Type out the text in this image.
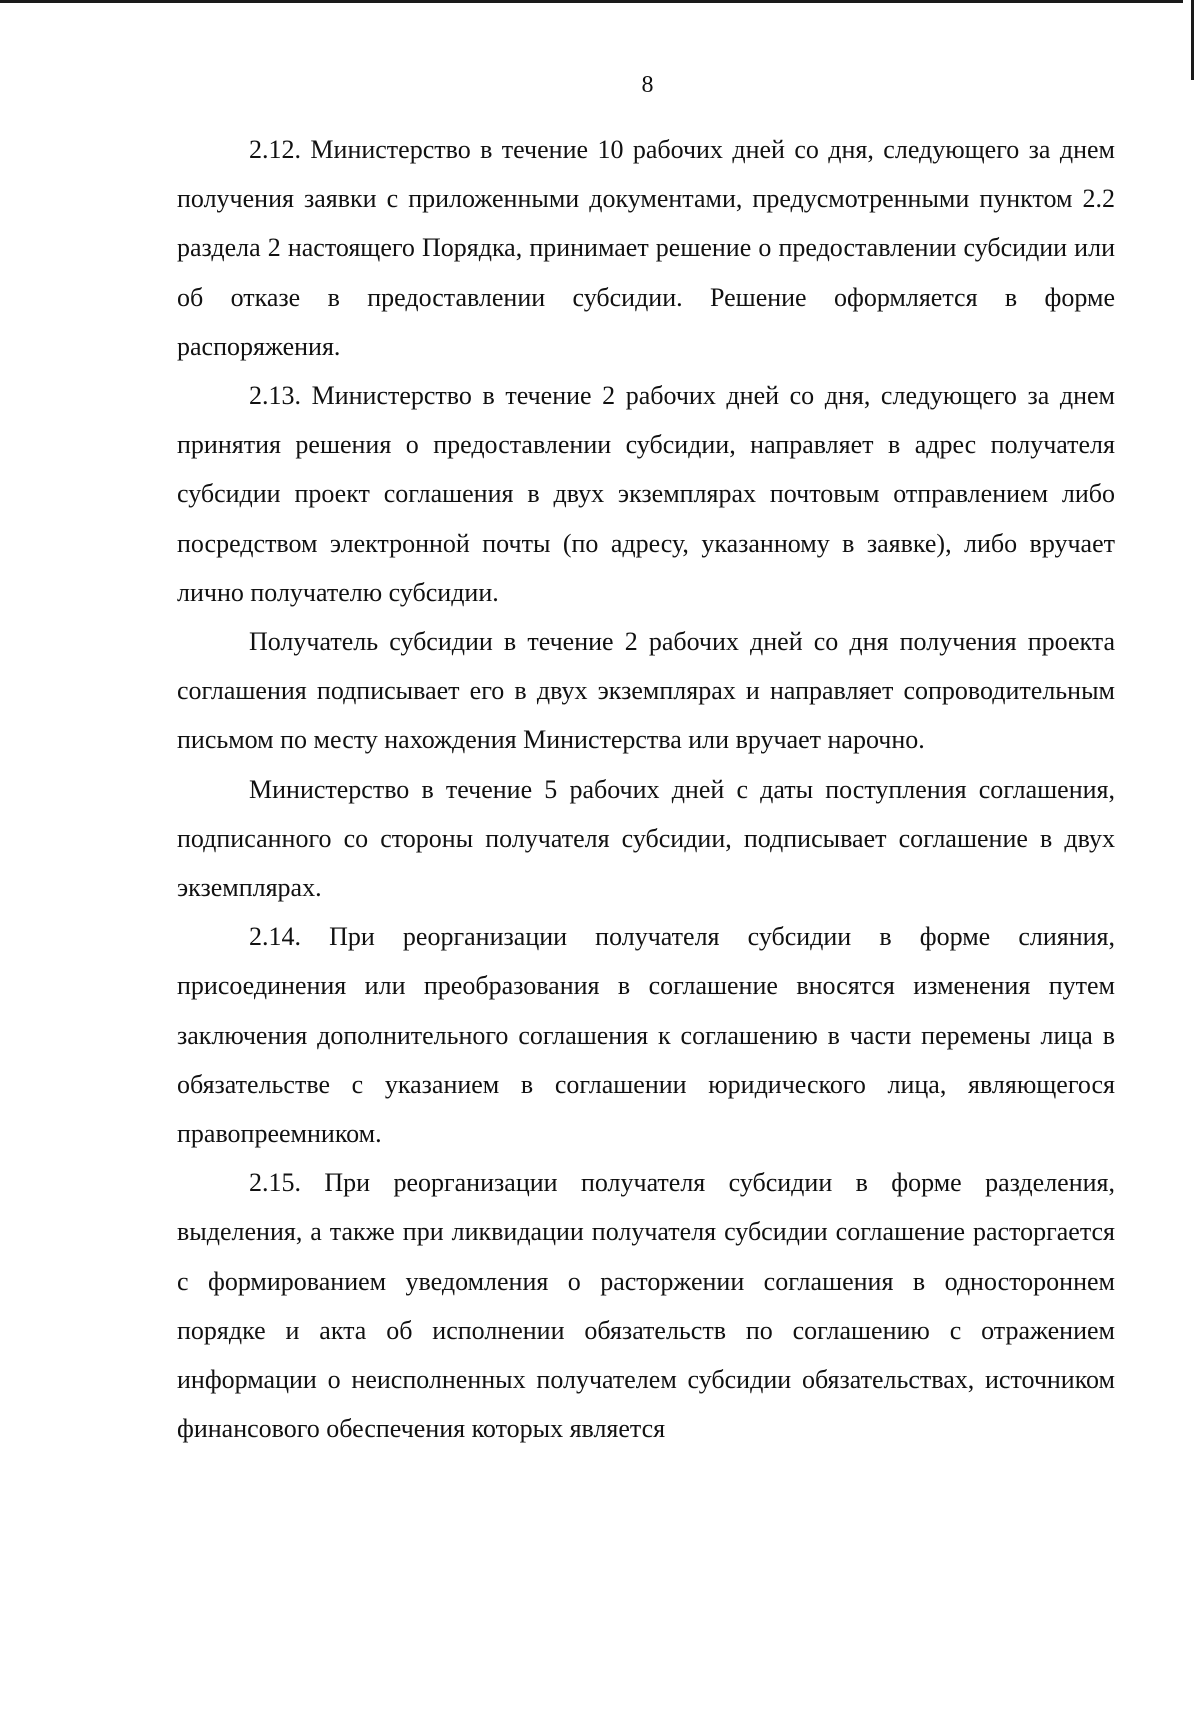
8

2.12. Министерство в течение 10 рабочих дней со дня, следующего за днем получения заявки с приложенными документами, предусмотренными пунктом 2.2 раздела 2 настоящего Порядка, принимает решение о предоставлении субсидии или об отказе в предоставлении субсидии. Решение оформляется в форме распоряжения.

2.13. Министерство в течение 2 рабочих дней со дня, следующего за днем принятия решения о предоставлении субсидии, направляет в адрес получателя субсидии проект соглашения в двух экземплярах почтовым отправлением либо посредством электронной почты (по адресу, указанному в заявке), либо вручает лично получателю субсидии.

Получатель субсидии в течение 2 рабочих дней со дня получения проекта соглашения подписывает его в двух экземплярах и направляет сопроводительным письмом по месту нахождения Министерства или вручает нарочно.

Министерство в течение 5 рабочих дней с даты поступления соглашения, подписанного со стороны получателя субсидии, подписывает соглашение в двух экземплярах.

2.14. При реорганизации получателя субсидии в форме слияния, присоединения или преобразования в соглашение вносятся изменения путем заключения дополнительного соглашения к соглашению в части перемены лица в обязательстве с указанием в соглашении юридического лица, являющегося правопреемником.

2.15. При реорганизации получателя субсидии в форме разделения, выделения, а также при ликвидации получателя субсидии соглашение расторгается с формированием уведомления о расторжении соглашения в одностороннем порядке и акта об исполнении обязательств по соглашению с отражением информации о неисполненных получателем субсидии обязательствах, источником финансового обеспечения которых является
